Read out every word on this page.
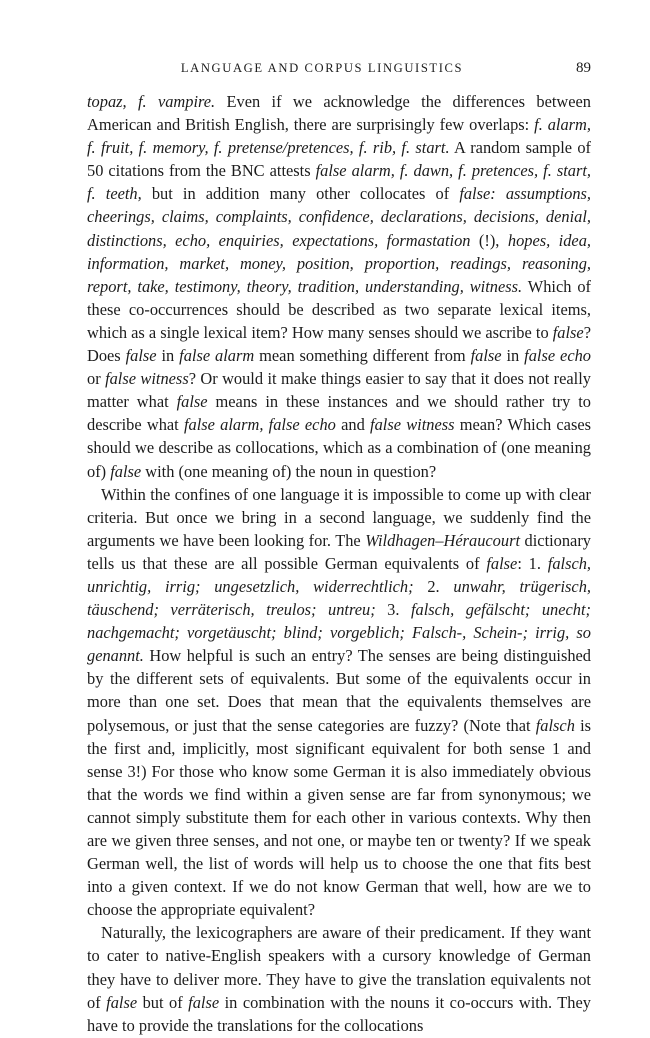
LANGUAGE AND CORPUS LINGUISTICS	89

topaz, f. vampire. Even if we acknowledge the differences between American and British English, there are surprisingly few overlaps: f. alarm, f. fruit, f. memory, f. pretense/pretences, f. rib, f. start. A random sample of 50 citations from the BNC attests false alarm, f. dawn, f. pretences, f. start, f. teeth, but in addition many other collocates of false: assumptions, cheerings, claims, complaints, confidence, declarations, decisions, denial, distinctions, echo, enquiries, expectations, formastation (!), hopes, idea, information, market, money, position, proportion, readings, reasoning, report, take, testimony, theory, tradition, understanding, witness. Which of these co-occurrences should be described as two separate lexical items, which as a single lexical item? How many senses should we ascribe to false? Does false in false alarm mean something different from false in false echo or false witness? Or would it make things easier to say that it does not really matter what false means in these instances and we should rather try to describe what false alarm, false echo and false witness mean? Which cases should we describe as collocations, which as a combination of (one meaning of) false with (one meaning of) the noun in question?

Within the confines of one language it is impossible to come up with clear criteria. But once we bring in a second language, we suddenly find the arguments we have been looking for. The Wildhagen–Héraucourt dictionary tells us that these are all possible German equivalents of false: 1. falsch, unrichtig, irrig; ungesetzlich, widerrechtlich; 2. unwahr, trügerisch, täuschend; verräterisch, treulos; untreu; 3. falsch, gefälscht; unecht; nachgemacht; vorgetäuscht; blind; vorgeblich; Falsch-, Schein-; irrig, so genannt. How helpful is such an entry? The senses are being distinguished by the different sets of equivalents. But some of the equivalents occur in more than one set. Does that mean that the equivalents themselves are polysemous, or just that the sense categories are fuzzy? (Note that falsch is the first and, implicitly, most significant equivalent for both sense 1 and sense 3!) For those who know some German it is also immediately obvious that the words we find within a given sense are far from synonymous; we cannot simply substitute them for each other in various contexts. Why then are we given three senses, and not one, or maybe ten or twenty? If we speak German well, the list of words will help us to choose the one that fits best into a given context. If we do not know German that well, how are we to choose the appropriate equivalent?

Naturally, the lexicographers are aware of their predicament. If they want to cater to native-English speakers with a cursory knowledge of German they have to deliver more. They have to give the translation equivalents not of false but of false in combination with the nouns it co-occurs with. They have to provide the translations for the collocations
